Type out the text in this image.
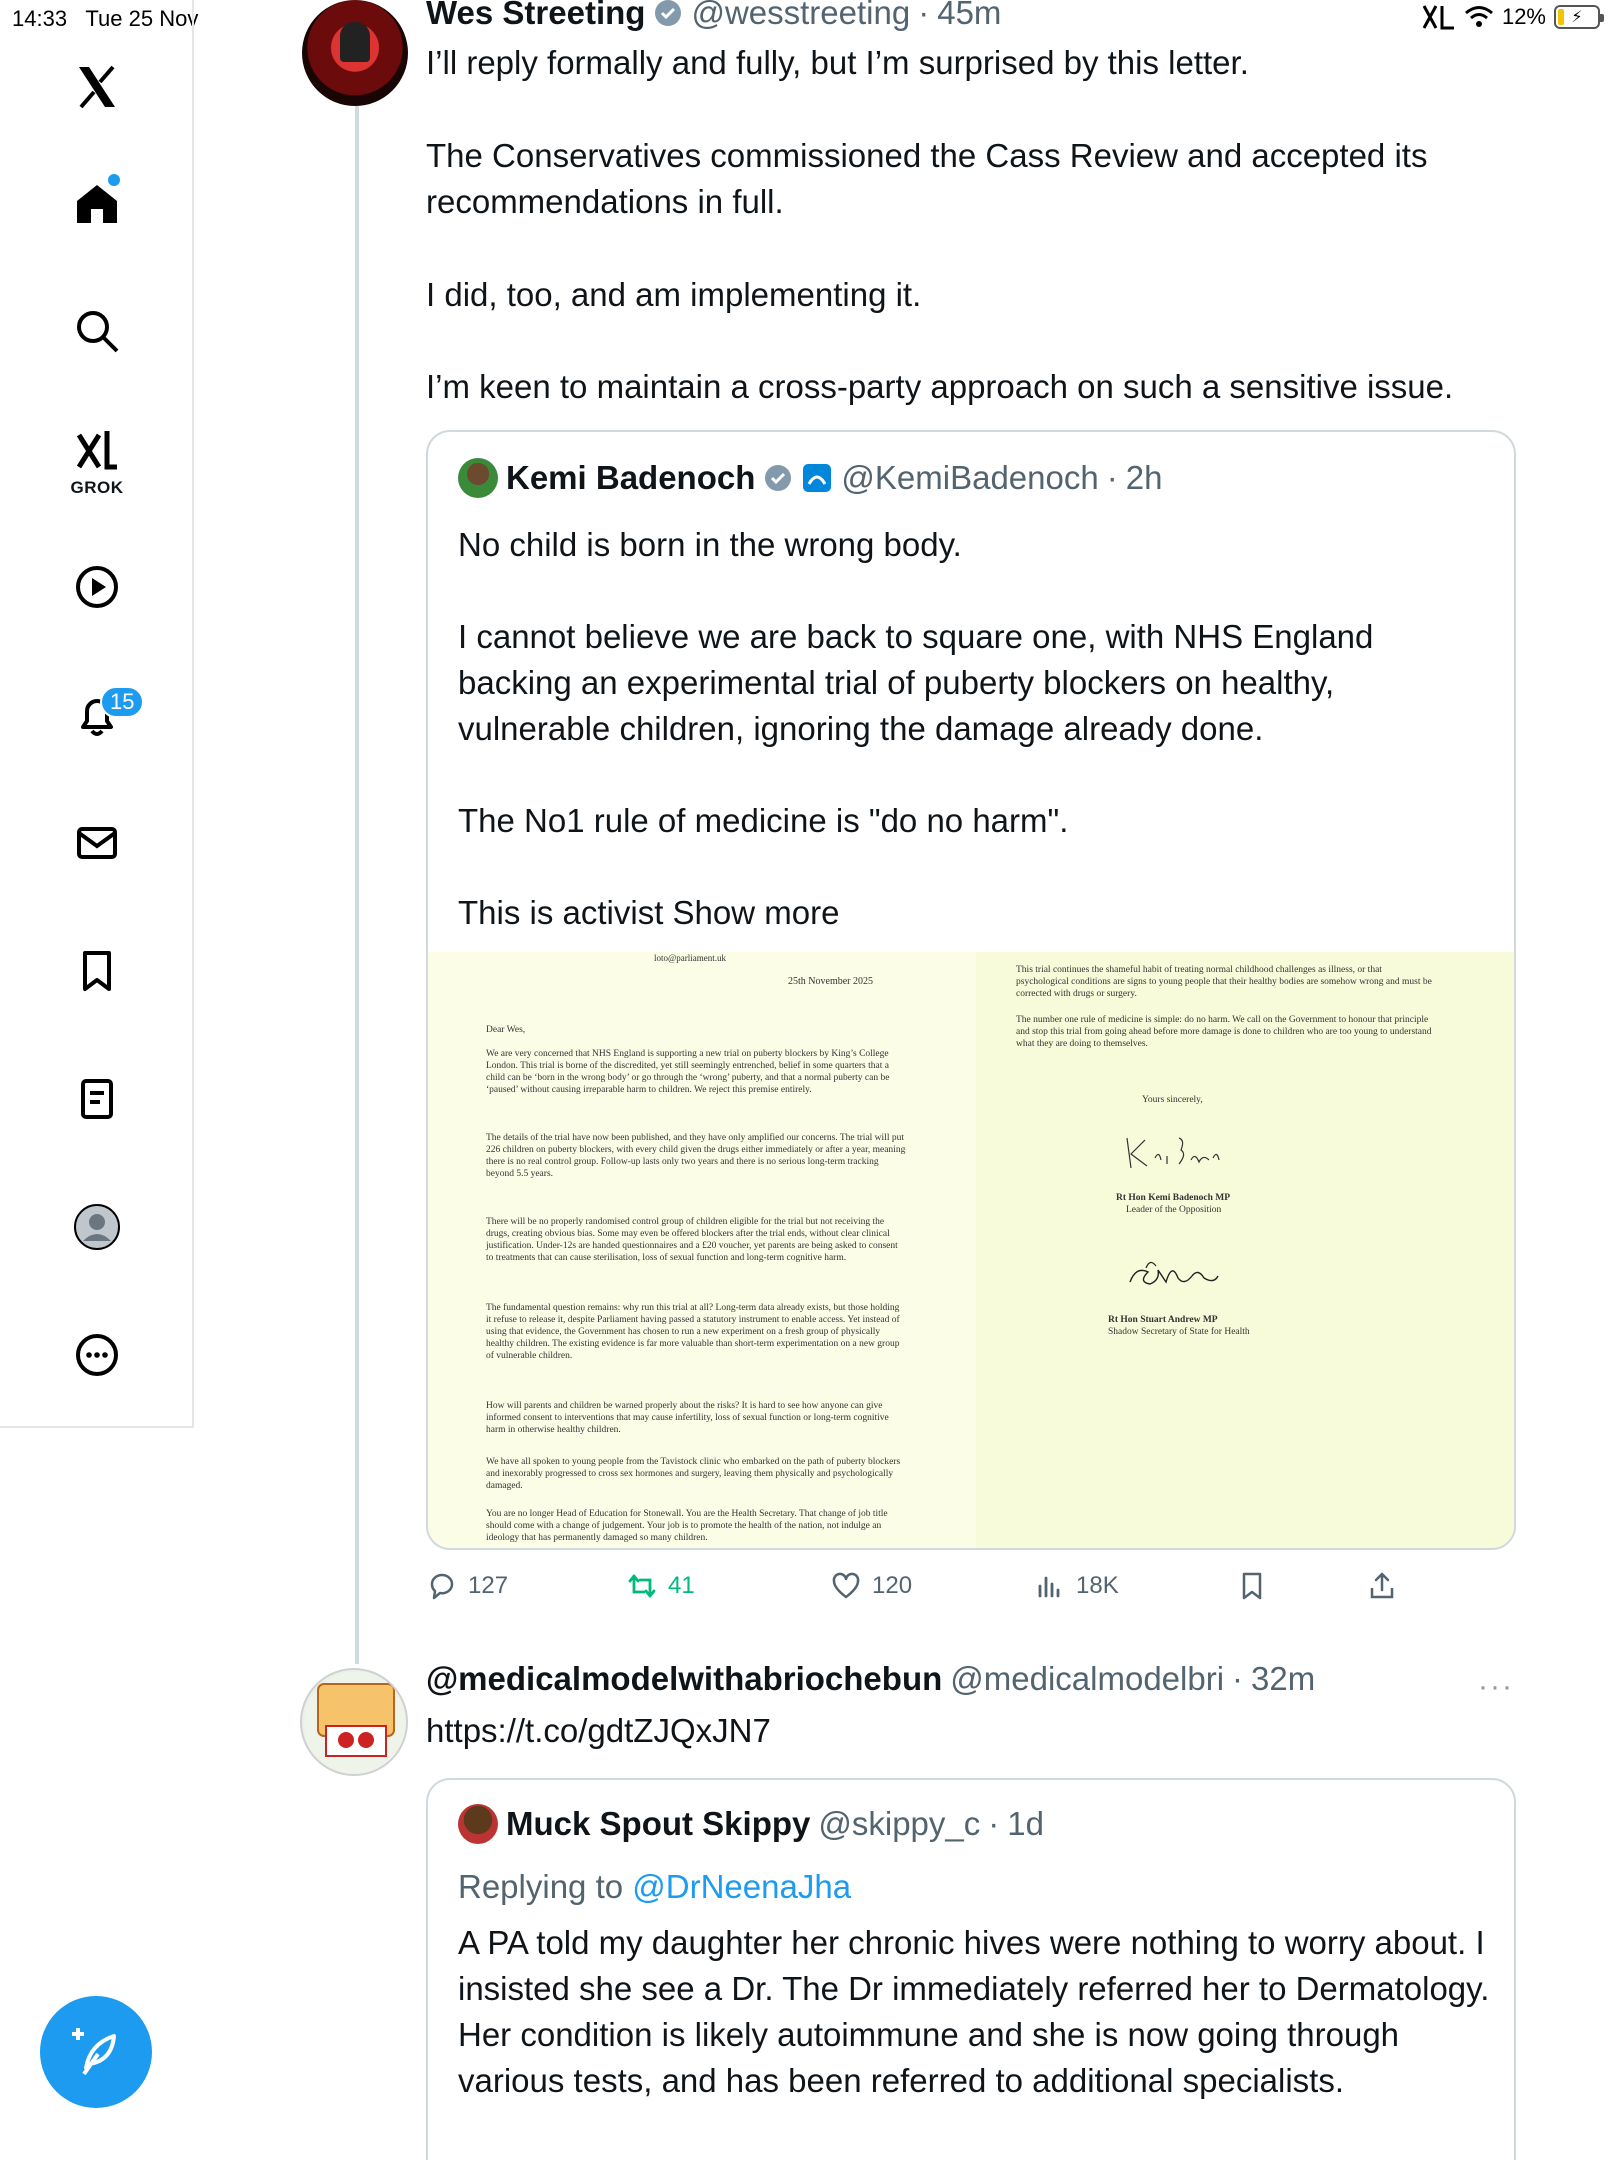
14:33 Tue 25 Nov	12% ⚡
GROK
15
Wes Streeting @wesstreeting · 45m
I’ll reply formally and fully, but I’m surprised by this letter.
The Conservatives commissioned the Cass Review and accepted its recommendations in full.
I did, too, and am implementing it.
I’m keen to maintain a cross-party approach on such a sensitive issue.
Kemi Badenoch	@KemiBadenoch · 2h
No child is born in the wrong body.
I cannot believe we are back to square one, with NHS England backing an experimental trial of puberty blockers on healthy, vulnerable children, ignoring the damage already done.
The No1 rule of medicine is "do no harm".
This is activist Show more
loto@parliament.uk
25th November 2025
Dear Wes,
We are very concerned that NHS England is supporting a new trial on puberty blockers by King’s College London. This trial is borne of the discredited, yet still seemingly entrenched, belief in some quarters that a child can be ‘born in the wrong body’ or go through the ‘wrong’ puberty, and that a normal puberty can be ‘paused’ without causing irreparable harm to children. We reject this premise entirely.
The details of the trial have now been published, and they have only amplified our concerns. The trial will put 226 children on puberty blockers, with every child given the drugs either immediately or after a year, meaning there is no real control group. Follow-up lasts only two years and there is no serious long-term tracking beyond 5.5 years.
There will be no properly randomised control group of children eligible for the trial but not receiving the drugs, creating obvious bias. Some may even be offered blockers after the trial ends, without clear clinical justification. Under-12s are handed questionnaires and a £20 voucher, yet parents are being asked to consent to treatments that can cause sterilisation, loss of sexual function and long-term cognitive harm.
The fundamental question remains: why run this trial at all? Long-term data already exists, but those holding it refuse to release it, despite Parliament having passed a statutory instrument to enable access. Yet instead of using that evidence, the Government has chosen to run a new experiment on a fresh group of physically healthy children. The existing evidence is far more valuable than short-term experimentation on a new group of vulnerable children.
How will parents and children be warned properly about the risks? It is hard to see how anyone can give informed consent to interventions that may cause infertility, loss of sexual function or long-term cognitive harm in otherwise healthy children.
We have all spoken to young people from the Tavistock clinic who embarked on the path of puberty blockers and inexorably progressed to cross sex hormones and surgery, leaving them physically and psychologically damaged.
You are no longer Head of Education for Stonewall. You are the Health Secretary. That change of job title should come with a change of judgement. Your job is to promote the health of the nation, not indulge an ideology that has permanently damaged so many children.
This trial continues the shameful habit of treating normal childhood challenges as illness, or that psychological conditions are signs to young people that their healthy bodies are somehow wrong and must be corrected with drugs or surgery.
The number one rule of medicine is simple: do no harm. We call on the Government to honour that principle and stop this trial from going ahead before more damage is done to children who are too young to understand what they are doing to themselves.
Yours sincerely,
Rt Hon Kemi Badenoch MP
Leader of the Opposition
Rt Hon Stuart Andrew MP
Shadow Secretary of State for Health
127	41	120	18K
@medicalmodelwithabriochebun @medicalmodelbri · 32m	···
https://t.co/gdtZJQxJN7
Muck Spout Skippy @skippy_c · 1d
Replying to @DrNeenaJha
A PA told my daughter her chronic hives were nothing to worry about. I insisted she see a Dr. The Dr immediately referred her to Dermatology. Her condition is likely autoimmune and she is now going through various tests, and has been referred to additional specialists.
